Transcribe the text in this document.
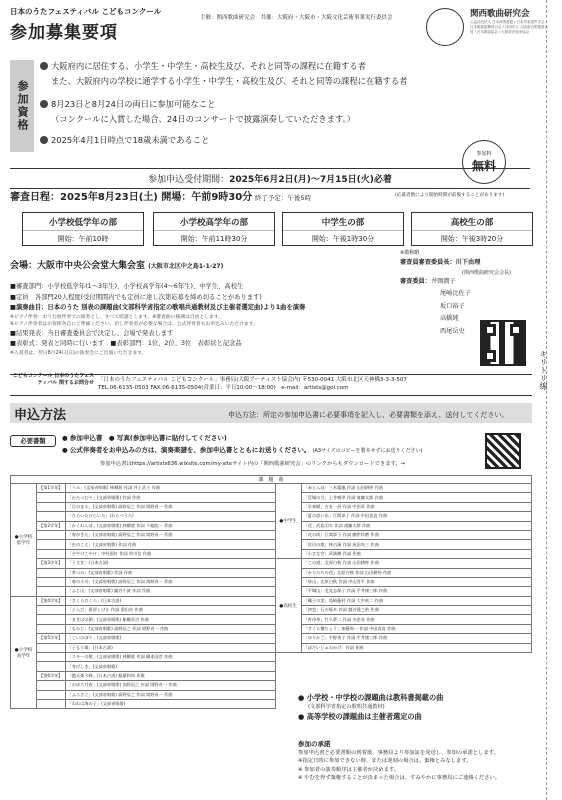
日本のうたフェスティバル こどもコンクール
参加募集要項
主催：関西歌曲研究会　共催：大阪府・大阪市・大阪文化芸術事業実行委員会	関西歌曲研究会
公益社団法人 日本演奏連盟 / 日本声楽発声学会 / 日本歌曲振興波の会 / 社団法人 大阪府合唱連盟会員 / 日本歌曲協会 / 大阪府音楽家協会
参加資格
大阪府内に居住する、小学生・中学生・高校生及び、それと同等の課程に在籍する者
また、大阪府内の学校に通学する小学生・中学生・高校生及び、それと同等の課程に在籍する者
8月23日と8月24日の両日に参加可能なこと
（コンクールに入賞した場合、24日のコンサートで披露演奏していただきます。）
2025年4月1日時点で18歳未満であること
参加料
無料
参加申込受付期間：2025年6月2日(月)〜7月15日(火)必着
審査日程：2025年8月23日(土) 開場：午前9時30分 終了予定：午後5時	(応募者数により開始時間が前後することがあります)
小学校低学年の部
開始：午前10時
小学校高学年の部
開始：午前11時30分
中学生の部
開始：午後1時30分
高校生の部
開始：午後3時20分
会場：大阪市中央公会堂大集会室 (大阪市北区中之島1-1-27)
※敬称略
審査員審査委員長：川下由理
(関西歌曲研究会会長)
審査委員：井岡潤子
尾崎比佐子
坂口裕子
高橋純
西尾岳史
■審査部門：小学校低学年(1〜3年生)、小学校高学年(4〜6年生)、中学生、高校生
■定員　各部門20人程度(受付期間内でも定員に達し次第応募を締め切ることがあります)
■演奏曲目：日本のうた 別表の課題曲(文部科学省指定の歌唱共通教材及び主催者選定曲)より1曲を演奏
※ピアノ伴奏：おうた無伴奏での演奏とし、すべて暗譜とします。※審査曲の移調は自由とします。
※ピアノ伴奏者はお客様各自にご準備ください。但し伴奏者が必要な場合は、公式伴奏者もお申込みいただけます。
■結果発表：当日審査委員会で決定し、会場で発表します
■表彰式：発表と同時に行います　■表彰部門：1位、2位、3位　表彰状と記念品
※入賞者は、翌日8月24日(日)の演奏会にご出演いただきます。
こどもコンクール 日本のうたフェスティバル 関するお問合せ 「日本のうたフェスティバル こどもコンクール」事務局(大阪アーティスト協会内) 〒530-0041 大阪市北区天神橋3-3-3-507
TEL.06-6135-0503 FAX.06-6135-0504(営業日：平日10:00〜18:00)　e-mail：artists@gol.com	キリトリ線
申込方法	申込方法：所定の参加申込書に必要事項を記入し、必要書類を添え、送付してください。
必要書類	● 参加申込書　● 写真(参加申込書に貼付してください)
● 公式伴奏者をお申込みの方は、演奏楽譜を、参加申込書とともにお送りください。 (A3サイズのコピーを製本せずにお送りください)
参加申込書はhttps://artists636.wixsite.com/my-siteサイト内の「関西歌曲研究会」のリンクからもダウンロードできます。→
課　題　曲				
●小学校低学年	【第1学年】	「うみ」(文部省唱歌) 林柳波 作詞 井上武士 作曲	●中学生	「赤とんぼ」三木露風 作詞 山田耕筰 作曲
		「かたつむり」(文部省唱歌) 作詞 作曲		「荒城の月」土井晩翠 作詞 滝廉太郎 作曲
		「日のまる」(文部省唱歌) 高野辰之 作詞 岡野貞一 作曲		「早春賦」吉丸一昌 作詞 中田章 作曲
		「ひらいたひらいた」(わらべうた)		「夏の思い出」江間章子 作詞 中田喜直 作曲
	【第2学年】	「かくれんぼ」(文部省唱歌) 林柳波 作詞 下総皖一 作曲		「花」武島羽衣 作詞 滝廉太郎 作曲
		「春がきた」(文部省唱歌) 高野辰之 作詞 岡野貞一 作曲		「花の街」江間章子 作詞 團伊玖磨 作曲
		「虫のこえ」(文部省唱歌) 作詞 作曲		「浜辺の歌」林古溪 作詞 成田為三 作曲
		「夕やけこやけ」中村雨紅 作詞 草川信 作曲		「小さな空」武満徹 作詞 作曲
	【第3学年】	「うさぎ」(日本古謡)	●高校生	「この道」北原白秋 作詞 山田耕筰 作曲
		「茶つみ」(文部省唱歌) 作詞 作曲		「からたちの花」北原白秋 作詞 山田耕筰 作曲
		「春の小川」(文部省唱歌) 高野辰之 作詞 岡野貞一 作曲		「砂山」北原白秋 作詞 中山晋平 作曲
		「ふじ山」(文部省唱歌) 巌谷小波 作詞 作曲		「平城山」北見志保子 作詞 平井康三郎 作曲
●小学校高学年	【第4学年】	「さくらさくら」(日本古謡)		「椰子の実」島崎藤村 作詞 大中寅二 作曲
		「とんび」葛原しげる 作詞 梁田貞 作曲		「初恋」石川啄木 作詞 越谷達之助 作曲
		「まきばの朝」(文部省唱歌) 船橋栄吉 作曲		「宵待草」竹久夢二 作詞 多忠亮 作曲
		「もみじ」(文部省唱歌) 高野辰之 作詞 岡野貞一 作曲		「さくら横ちょう」加藤周一 作詞 中田喜直 作曲
	【第5学年】	「こいのぼり」(文部省唱歌)		「ゆりかご」平野英子 作詞 平井康三郎 作曲
		「子もり歌」(日本古謡)		「ぼだいじゅのかげ」作詞 作曲
		「スキーの歌」(文部省唱歌) 林柳波 作詞 橋本国彦 作曲		
		「冬げしき」(文部省唱歌)		
	【第6学年】	「越天楽今様」(日本古謡) 慈鎮和尚 作歌		
		「おぼろ月夜」(文部省唱歌) 高野辰之 作詞 岡野貞一 作曲		
		「ふるさと」(文部省唱歌) 高野辰之 作詞 岡野貞一 作曲		
		「われは海の子」(文部省唱歌)		
● 小学校・中学校の課題曲は教科書掲載の曲
(文部科学省指定の歌唱共通教材)
● 高等学校の課題曲は主催者選定の曲
参加の承諾
参加申込書と必要書類の到着後、事務局より参加証を発送し、参加の承諾とします。
※指定日時に参加できない時、または遅刻の場合は、棄権とみなします。
※ 参加者の演奏順序は主催者が決めます。
※ やむを得ず棄権することが決まった場合は、すみやかに事務局にご連絡ください。
